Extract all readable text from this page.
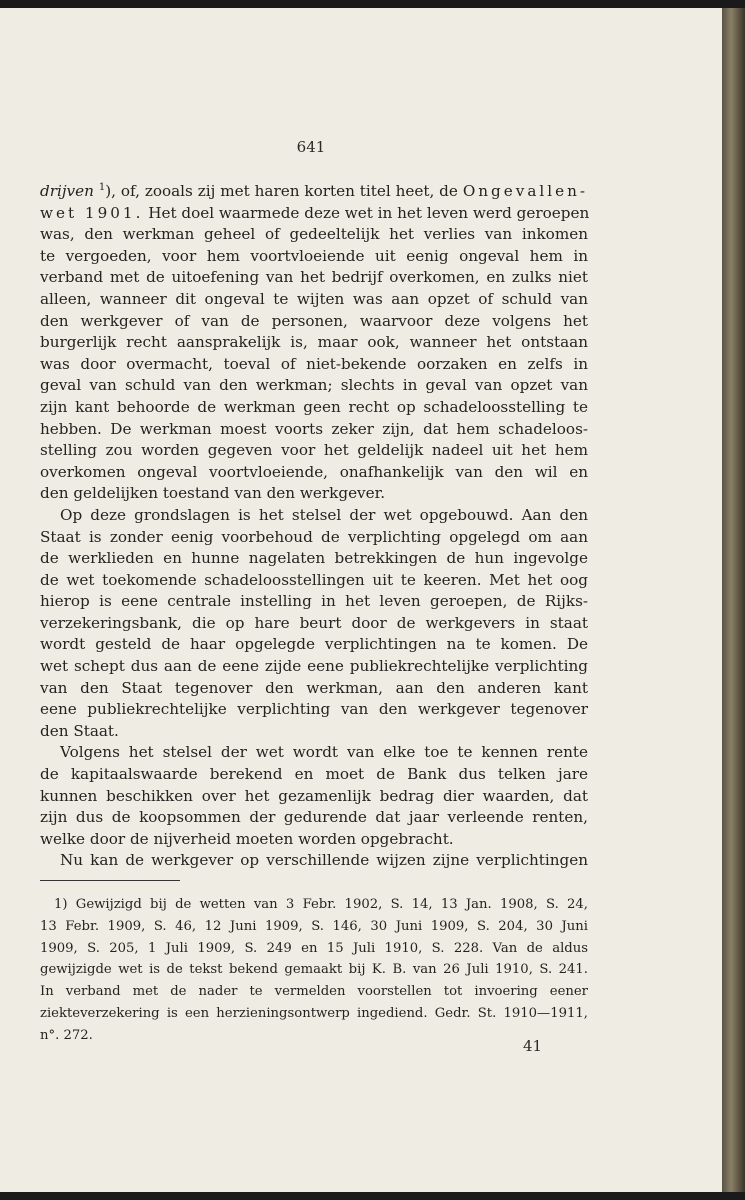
641
drijven $^1$), of, zooals zij met haren korten titel heet, de Ongevallen-
wet 1901. Het doel waarmede deze wet in het leven werd geroepen
was, den werkman geheel of gedeeltelijk het verlies van inkomen
te vergoeden, voor hem voortvloeiende uit eenig ongeval hem in
verband met de uitoefening van het bedrijf overkomen, en zulks niet
alleen, wanneer dit ongeval te wijten was aan opzet of schuld van
den werkgever of van de personen, waarvoor deze volgens het
burgerlijk recht aansprakelijk is, maar ook, wanneer het ontstaan
was door overmacht, toeval of niet-bekende oorzaken en zelfs in
geval van schuld van den werkman; slechts in geval van opzet van
zijn kant behoorde de werkman geen recht op schadeloosstelling te
hebben. De werkman moest voorts zeker zijn, dat hem schadeloos-
stelling zou worden gegeven voor het geldelijk nadeel uit het hem
overkomen ongeval voortvloeiende, onafhankelijk van den wil en
den geldelijken toestand van den werkgever.
Op deze grondslagen is het stelsel der wet opgebouwd. Aan den
Staat is zonder eenig voorbehoud de verplichting opgelegd om aan
de werklieden en hunne nagelaten betrekkingen de hun ingevolge
de wet toekomende schadeloosstellingen uit te keeren. Met het oog
hierop is eene centrale instelling in het leven geroepen, de Rijks-
verzekeringsbank, die op hare beurt door de werkgevers in staat
wordt gesteld de haar opgelegde verplichtingen na te komen. De
wet schept dus aan de eene zijde eene publiekrechtelijke verplichting
van den Staat tegenover den werkman, aan den anderen kant
eene publiekrechtelijke verplichting van den werkgever tegenover
den Staat.
Volgens het stelsel der wet wordt van elke toe te kennen rente
de kapitaalswaarde berekend en moet de Bank dus telken jare
kunnen beschikken over het gezamenlijk bedrag dier waarden, dat
zijn dus de koopsommen der gedurende dat jaar verleende renten,
welke door de nijverheid moeten worden opgebracht.
Nu kan de werkgever op verschillende wijzen zijne verplichtingen
1) Gewijzigd bij de wetten van 3 Febr. 1902, S. 14, 13 Jan. 1908, S. 24,
13 Febr. 1909, S. 46, 12 Juni 1909, S. 146, 30 Juni 1909, S. 204, 30 Juni
1909, S. 205, 1 Juli 1909, S. 249 en 15 Juli 1910, S. 228. Van de aldus
gewijzigde wet is de tekst bekend gemaakt bij K. B. van 26 Juli 1910, S. 241.
In verband met de nader te vermelden voorstellen tot invoering eener
ziekteverzekering is een herzieningsontwerp ingediend. Gedr. St. 1910—1911,
n°. 272.
41
